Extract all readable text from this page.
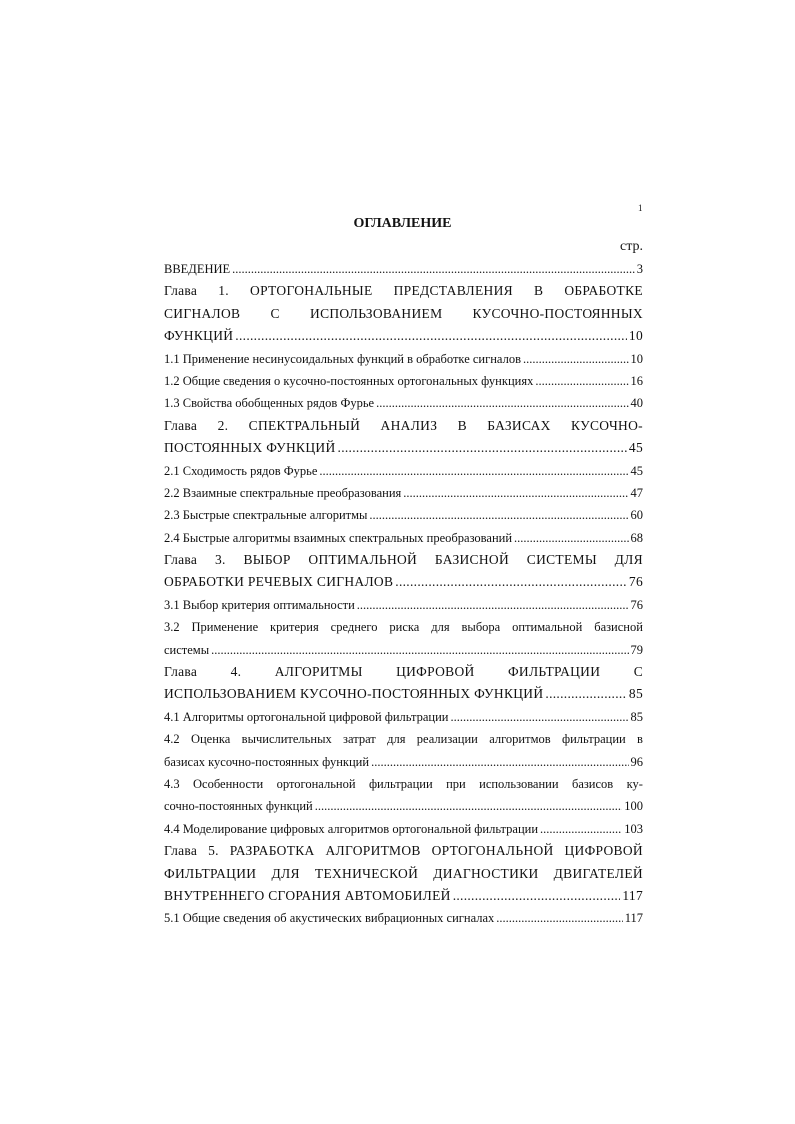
1
ОГЛАВЛЕНИЕ
стр.
ВВЕДЕНИЕ .....	3
Глава 1. ОРТОГОНАЛЬНЫЕ ПРЕДСТАВЛЕНИЯ В ОБРАБОТКЕ
СИГНАЛОВ С ИСПОЛЬЗОВАНИЕМ КУСОЧНО-ПОСТОЯННЫХ
ФУНКЦИЙ .....	10
1.1 Применение несинусоидальных функций в обработке сигналов .....	10
1.2 Общие сведения о кусочно-постоянных ортогональных функциях .....	16
1.3 Свойства обобщенных рядов Фурье .....	40
Глава 2. СПЕКТРАЛЬНЫЙ АНАЛИЗ В БАЗИСАХ КУСОЧНО-
ПОСТОЯННЫХ ФУНКЦИЙ .....	45
2.1 Сходимость рядов Фурье .....	45
2.2 Взаимные спектральные преобразования .....	47
2.3 Быстрые спектральные алгоритмы .....	60
2.4 Быстрые алгоритмы взаимных спектральных преобразований .....	68
Глава 3. ВЫБОР ОПТИМАЛЬНОЙ БАЗИСНОЙ СИСТЕМЫ ДЛЯ
ОБРАБОТКИ РЕЧЕВЫХ СИГНАЛОВ .....	76
3.1 Выбор критерия оптимальности .....	76
3.2 Применение критерия среднего риска для выбора оптимальной базисной
системы .....	79
Глава 4. АЛГОРИТМЫ ЦИФРОВОЙ ФИЛЬТРАЦИИ С
ИСПОЛЬЗОВАНИЕМ КУСОЧНО-ПОСТОЯННЫХ ФУНКЦИЙ .....	85
4.1 Алгоритмы ортогональной цифровой фильтрации .....	85
4.2 Оценка вычислительных затрат для реализации алгоритмов фильтрации в
базисах кусочно-постоянных функций .....	96
4.3 Особенности ортогональной фильтрации при использовании базисов ку-
сочно-постоянных функций .....	100
4.4 Моделирование цифровых алгоритмов ортогональной фильтрации .....	103
Глава 5. РАЗРАБОТКА АЛГОРИТМОВ ОРТОГОНАЛЬНОЙ ЦИФРОВОЙ
ФИЛЬТРАЦИИ ДЛЯ ТЕХНИЧЕСКОЙ ДИАГНОСТИКИ ДВИГАТЕЛЕЙ
ВНУТРЕННЕГО СГОРАНИЯ АВТОМОБИЛЕЙ .....	117
5.1 Общие сведения об акустических вибрационных сигналах .....	117
